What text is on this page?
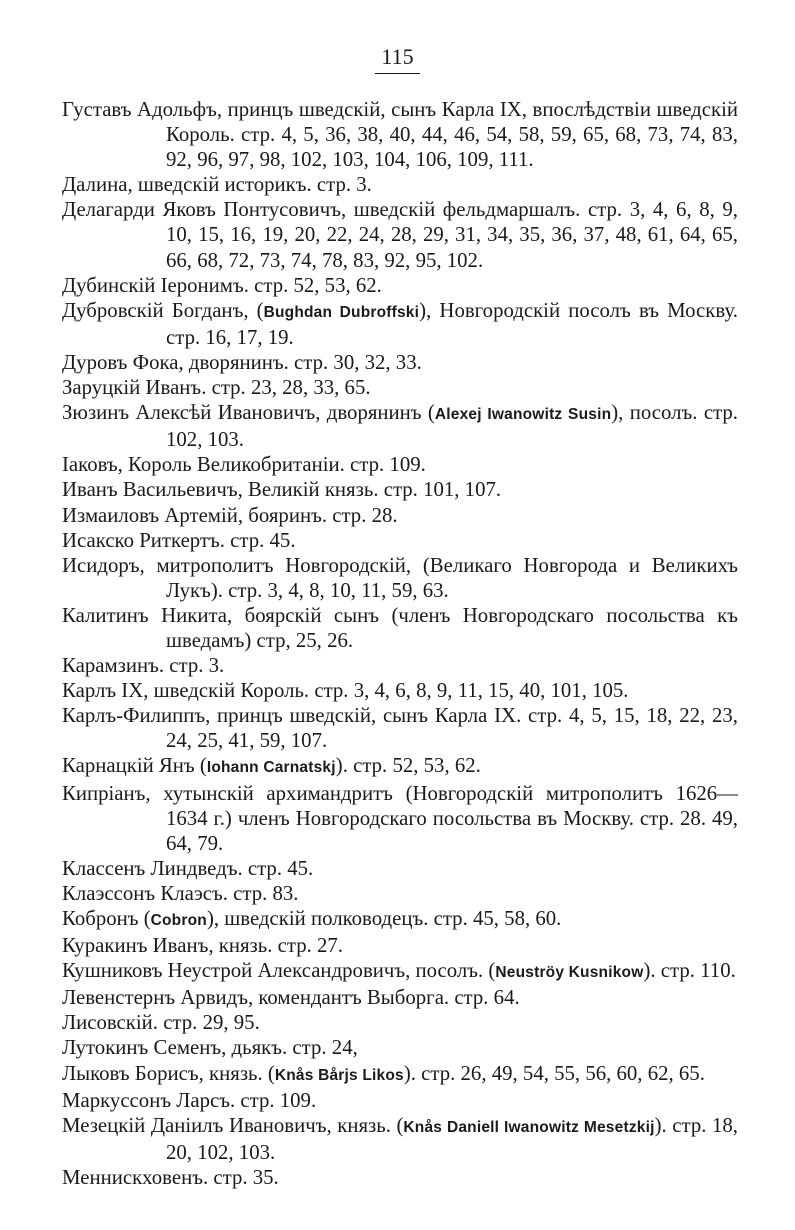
115
Густавъ Адольфъ, принцъ шведскій, сынъ Карла IX, впослѣдствіи шведскій Король. стр. 4, 5, 36, 38, 40, 44, 46, 54, 58, 59, 65, 68, 73, 74, 83, 92, 96, 97, 98, 102, 103, 104, 106, 109, 111.
Далина, шведскій историкъ. стр. 3.
Делагарди Яковъ Понтусовичъ, шведскій фельдмаршалъ. стр. 3, 4, 6, 8, 9, 10, 15, 16, 19, 20, 22, 24, 28, 29, 31, 34, 35, 36, 37, 48, 61, 64, 65, 66, 68, 72, 73, 74, 78, 83, 92, 95, 102.
Дубинскій Іеронимъ. стр. 52, 53, 62.
Дубровскій Богданъ, (Bughdan Dubroffski), Новгородскій посолъ въ Москву. стр. 16, 17, 19.
Дуровъ Фока, дворянинъ. стр. 30, 32, 33.
Заруцкій Иванъ. стр. 23, 28, 33, 65.
Зюзинъ Алексѣй Ивановичъ, дворянинъ (Alexej Iwanowitz Susin), посолъ. стр. 102, 103.
Іаковъ, Король Великобританіи. стр. 109.
Иванъ Васильевичъ, Великій князь. стр. 101, 107.
Измаиловъ Артемій, бояринъ. стр. 28.
Исакско Риткертъ. стр. 45.
Исидоръ, митрополитъ Новгородскій, (Великаго Новгорода и Великихъ Лукъ). стр. 3, 4, 8, 10, 11, 59, 63.
Калитинъ Никита, боярскій сынъ (членъ Новгородскаго посольства къ шведамъ) стр, 25, 26.
Карамзинъ. стр. 3.
Карлъ IX, шведскій Король. стр. 3, 4, 6, 8, 9, 11, 15, 40, 101, 105.
Карлъ-Филиппъ, принцъ шведскій, сынъ Карла IX. стр. 4, 5, 15, 18, 22, 23, 24, 25, 41, 59, 107.
Карнацкій Янъ (Iohann Carnatskj). стр. 52, 53, 62.
Кипріанъ, хутынскій архимандритъ (Новгородскій митрополитъ 1626—1634 г.) членъ Новгородскаго посольства въ Москву. стр. 28. 49, 64, 79.
Классенъ Линдведъ. стр. 45.
Клаэссонъ Клаэсъ. стр. 83.
Кобронъ (Cobron), шведскій полководецъ. стр. 45, 58, 60.
Куракинъ Иванъ, князь. стр. 27.
Кушниковъ Неустрой Александровичъ, посолъ. (Neuströy Kusnikow). стр. 110.
Левенстернъ Арвидъ, комендантъ Выборга. стр. 64.
Лисовскій. стр. 29, 95.
Лутокинъ Семенъ, дьякъ. стр. 24,
Лыковъ Борисъ, князь. (Knås Bårjs Likos). стр. 26, 49, 54, 55, 56, 60, 62, 65.
Маркуссонъ Ларсъ. стр. 109.
Мезецкій Даніилъ Ивановичъ, князь. (Knås Daniell Iwanowitz Mesetzkij). стр. 18, 20, 102, 103.
Меннискховенъ. стр. 35.
